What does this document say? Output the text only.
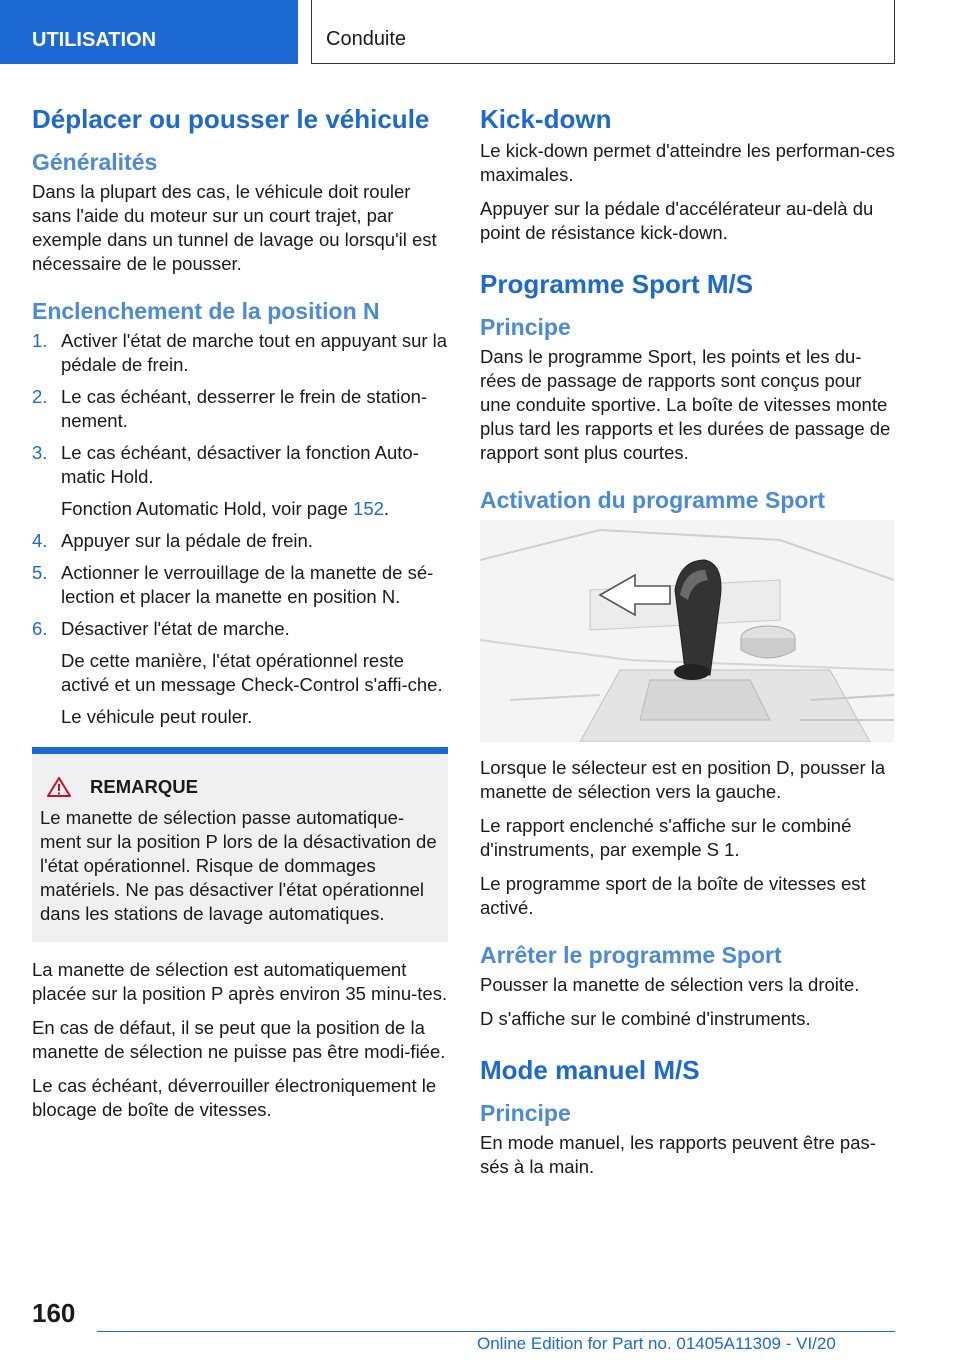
UTILISATION	Conduite
Déplacer ou pousser le véhicule
Généralités

Dans la plupart des cas, le véhicule doit rouler sans l'aide du moteur sur un court trajet, par exemple dans un tunnel de lavage ou lorsqu'il est nécessaire de le pousser.

Enclenchement de la position N
1. Activer l'état de marche tout en appuyant sur la pédale de frein.
2. Le cas échéant, desserrer le frein de station-nement.
3. Le cas échéant, désactiver la fonction Auto-matic Hold.
Fonction Automatic Hold, voir page 152.
4. Appuyer sur la pédale de frein.
5. Actionner le verrouillage de la manette de sé-lection et placer la manette en position N.
6. Désactiver l'état de marche.
De cette manière, l'état opérationnel reste activé et un message Check-Control s'affi-che.
Le véhicule peut rouler.
REMARQUE

Le manette de sélection passe automatique-ment sur la position P lors de la désactivation de l'état opérationnel. Risque de dommages matériels. Ne pas désactiver l'état opérationnel dans les stations de lavage automatiques.

La manette de sélection est automatiquement placée sur la position P après environ 35 minu-tes.

En cas de défaut, il se peut que la position de la manette de sélection ne puisse pas être modi-fiée.

Le cas échéant, déverrouiller électroniquement le blocage de boîte de vitesses.

Kick-down

Le kick-down permet d'atteindre les performan-ces maximales.

Appuyer sur la pédale d'accélérateur au-delà du point de résistance kick-down.

Programme Sport M/S
Principe

Dans le programme Sport, les points et les du-rées de passage de rapports sont conçus pour une conduite sportive. La boîte de vitesses monte plus tard les rapports et les durées de passage de rapport sont plus courtes.

Activation du programme Sport

Lorsque le sélecteur est en position D, pousser la manette de sélection vers la gauche.

Le rapport enclenché s'affiche sur le combiné d'instruments, par exemple S 1.

Le programme sport de la boîte de vitesses est activé.

Arrêter le programme Sport

Pousser la manette de sélection vers la droite.

D s'affiche sur le combiné d'instruments.

Mode manuel M/S
Principe

En mode manuel, les rapports peuvent être pas-sés à la main.

160
Online Edition for Part no. 01405A11309 - VI/20
